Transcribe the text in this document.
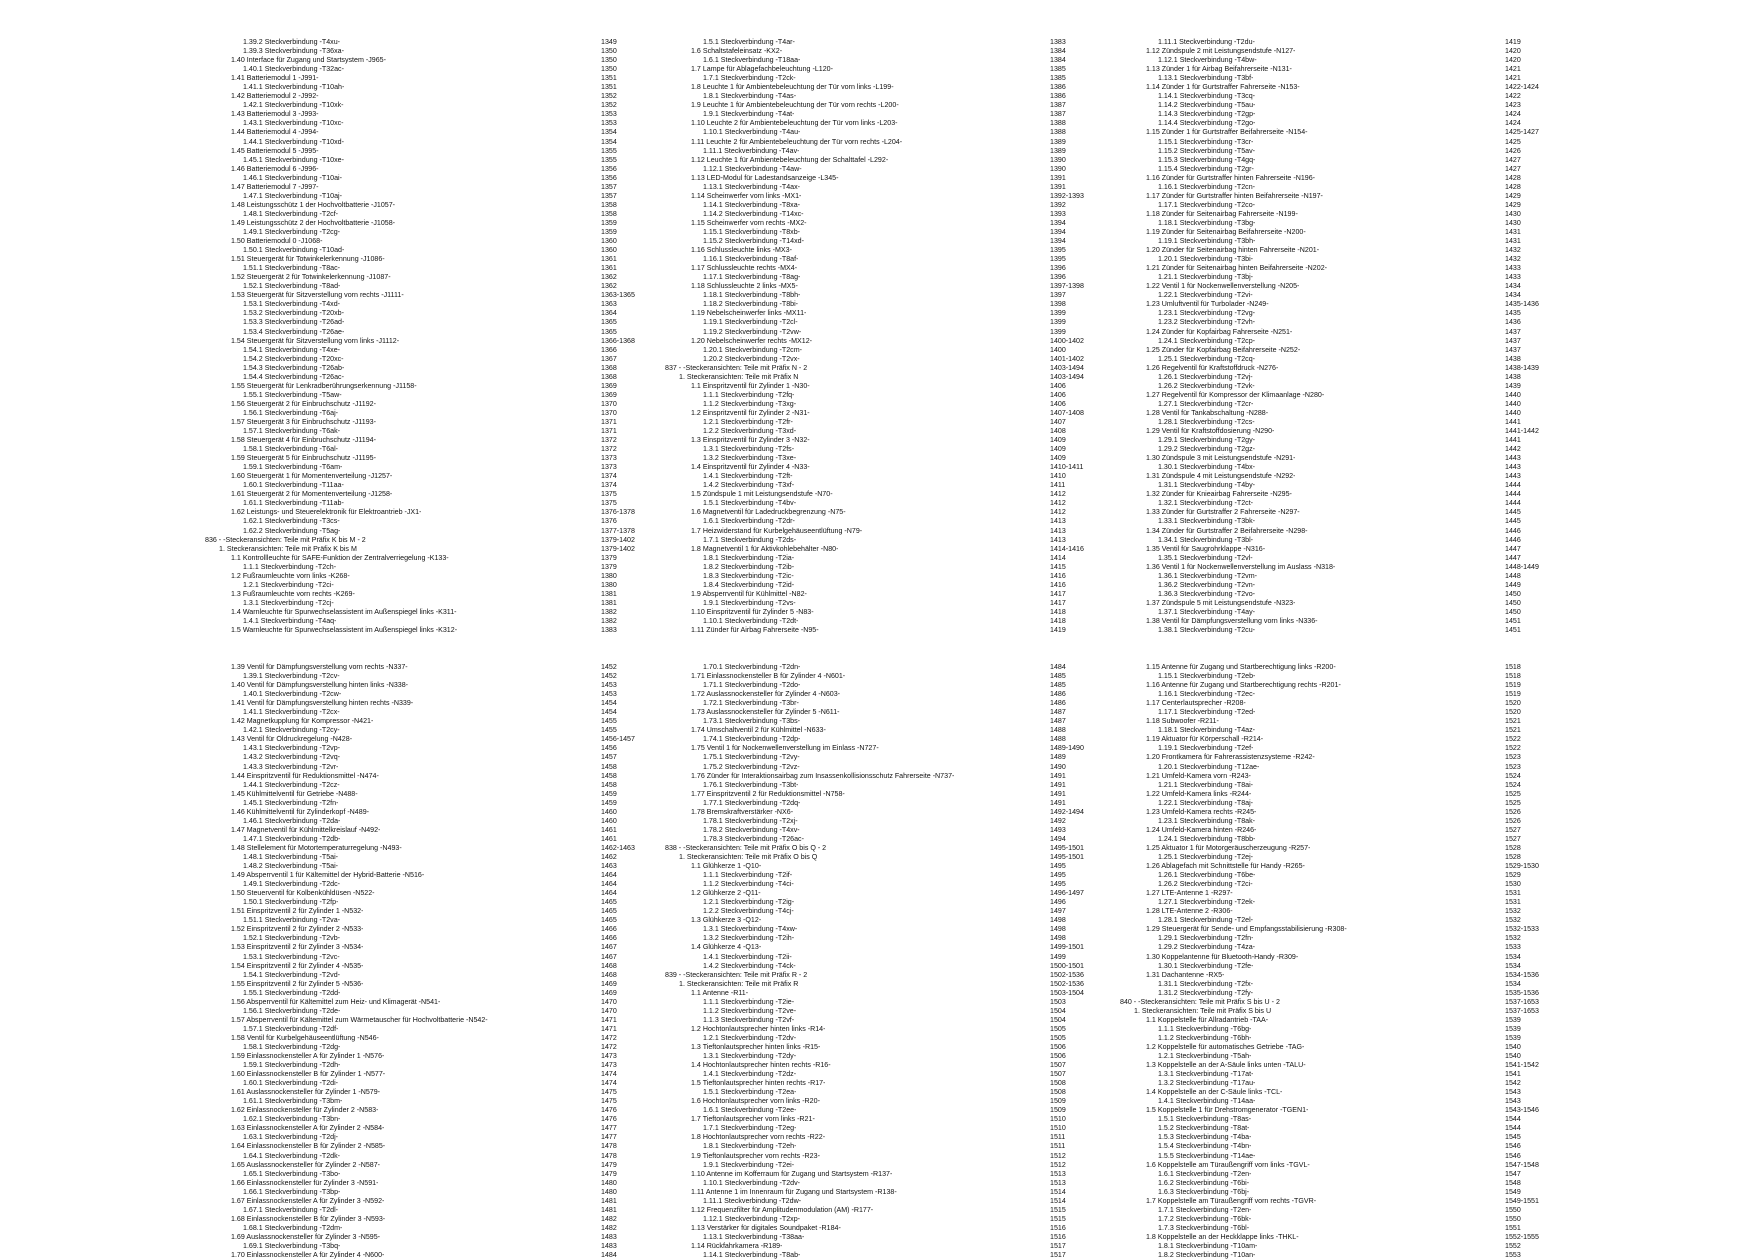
1.39.2 Steckverbindung -T4xu-	1349
1.39.3 Steckverbindung -T36xa-	1350
1.40 Interface für Zugang und Startsystem -J965-	1350
1.40.1 Steckverbindung -T32ac-	1350
1.41 Batteriemodul 1 -J991-	1351
1.41.1 Steckverbindung -T10ah-	1351
1.42 Batteriemodul 2 -J992-	1352
1.42.1 Steckverbindung -T10xk-	1352
1.43 Batteriemodul 3 -J993-	1353
1.43.1 Steckverbindung -T10xc-	1353
1.44 Batteriemodul 4 -J994-	1354
1.44.1 Steckverbindung -T10xd-	1354
1.45 Batteriemodul 5 -J995-	1355
1.45.1 Steckverbindung -T10xe-	1355
1.46 Batteriemodul 6 -J996-	1356
1.46.1 Steckverbindung -T10ai-	1356
1.47 Batteriemodul 7 -J997-	1357
1.47.1 Steckverbindung -T10aj-	1357
1.48 Leistungsschütz 1 der Hochvoltbatterie -J1057-	1358
1.48.1 Steckverbindung -T2cf-	1358
1.49 Leistungsschütz 2 der Hochvoltbatterie -J1058-	1359
1.49.1 Steckverbindung -T2cg-	1359
1.50 Batteriemodul 0 -J1068-	1360
1.50.1 Steckverbindung -T10ad-	1360
1.51 Steuergerät für Totwinkelerkennung -J1086-	1361
1.51.1 Steckverbindung -T8ac-	1361
1.52 Steuergerät 2 für Totwinkelerkennung -J1087-	1362
1.52.1 Steckverbindung -T8ad-	1362
1.53 Steuergerät für Sitzverstellung vorn rechts -J1111-	1363-1365
1.53.1 Steckverbindung -T4xd-	1363
1.53.2 Steckverbindung -T20xb-	1364
1.53.3 Steckverbindung -T26ad-	1365
1.53.4 Steckverbindung -T26ae-	1365
1.54 Steuergerät für Sitzverstellung vorn links -J1112-	1366-1368
1.54.1 Steckverbindung -T4xe-	1366
1.54.2 Steckverbindung -T20xc-	1367
1.54.3 Steckverbindung -T26ab-	1368
1.54.4 Steckverbindung -T26ac-	1368
1.55 Steuergerät für Lenkradberührungserkennung -J1158-	1369
1.55.1 Steckverbindung -T5aw-	1369
1.56 Steuergerät 2 für Einbruchschutz -J1192-	1370
1.56.1 Steckverbindung -T6aj-	1370
1.57 Steuergerät 3 für Einbruchschutz -J1193-	1371
1.57.1 Steckverbindung -T6ak-	1371
1.58 Steuergerät 4 für Einbruchschutz -J1194-	1372
1.58.1 Steckverbindung -T6al-	1372
1.59 Steuergerät 5 für Einbruchschutz -J1195-	1373
1.59.1 Steckverbindung -T6am-	1373
1.60 Steuergerät 1 für Momentenverteilung -J1257-	1374
1.60.1 Steckverbindung -T11aa-	1374
1.61 Steuergerät 2 für Momentenverteilung -J1258-	1375
1.61.1 Steckverbindung -T11ab-	1375
1.62 Leistungs- und Steuerelektronik für Elektroantrieb -JX1-	1376-1378
1.62.1 Steckverbindung -T3cs-	1376
1.62.2 Steckverbindung -T5ag-	1377-1378
836 - -Steckeransichten: Teile mit Präfix K bis M - 2	1379-1402
1. Steckeransichten: Teile mit Präfix K bis M	1379-1402
1.1 Kontrollleuchte für SAFE-Funktion der Zentralverriegelung -K133-	1379
1.1.1 Steckverbindung -T2ch-	1379
1.2 Fußraumleuchte vorn links -K268-	1380
1.2.1 Steckverbindung -T2ci-	1380
1.3 Fußraumleuchte vorn rechts -K269-	1381
1.3.1 Steckverbindung -T2cj-	1381
1.4 Warnleuchte für Spurwechselassistent im Außenspiegel links -K311-	1382
1.4.1 Steckverbindung -T4aq-	1382
1.5 Warnleuchte für Spurwechselassistent im Außenspiegel links -K312-	1383
1.5.1 Steckverbindung -T4ar-	1383
1.6 Schaltstafeleinsatz -KX2-	1384
1.6.1 Steckverbindung -T18aa-	1384
1.7 Lampe für Ablagefachbeleuchtung -L120-	1385
1.7.1 Steckverbindung -T2ck-	1385
1.8 Leuchte 1 für Ambientebeleuchtung der Tür vorn links -L199-	1386
1.8.1 Steckverbindung -T4as-	1386
1.9 Leuchte 1 für Ambientebeleuchtung der Tür vorn rechts -L200-	1387
1.9.1 Steckverbindung -T4at-	1387
1.10 Leuchte 2 für Ambientebeleuchtung der Tür vorn links -L203-	1388
1.10.1 Steckverbindung -T4au-	1388
1.11 Leuchte 2 für Ambientebeleuchtung der Tür vorn rechts -L204-	1389
1.11.1 Steckverbindung -T4av-	1389
1.12 Leuchte 1 für Ambientebeleuchtung der Schalttafel -L292-	1390
1.12.1 Steckverbindung -T4aw-	1390
1.13 LED-Modul für Ladestandsanzeige -L345-	1391
1.13.1 Steckverbindung -T4ax-	1391
1.14 Scheinwerfer vorn links -MX1-	1392-1393
1.14.1 Steckverbindung -T8xa-	1392
1.14.2 Steckverbindung -T14xc-	1393
1.15 Scheinwerfer vorn rechts -MX2-	1394
1.15.1 Steckverbindung -T8xb-	1394
1.15.2 Steckverbindung -T14xd-	1394
1.16 Schlussleuchte links -MX3-	1395
1.16.1 Steckverbindung -T8af-	1395
1.17 Schlussleuchte rechts -MX4-	1396
1.17.1 Steckverbindung -T8ag-	1396
1.18 Schlussleuchte 2 links -MX5-	1397-1398
1.18.1 Steckverbindung -T8bh-	1397
1.18.2 Steckverbindung -T8bi-	1398
1.19 Nebelscheinwerfer links -MX11-	1399
1.19.1 Steckverbindung -T2cl-	1399
1.19.2 Steckverbindung -T2vw-	1399
1.20 Nebelscheinwerfer rechts -MX12-	1400-1402
1.20.1 Steckverbindung -T2cm-	1400
1.20.2 Steckverbindung -T2vx-	1401-1402
837 - -Steckeransichten: Teile mit Präfix N - 2	1403-1494
1. Steckeransichten: Teile mit Präfix N	1403-1494
1.1 Einspritzventil für Zylinder 1 -N30-	1406
1.1.1 Steckverbindung -T2fq-	1406
1.1.2 Steckverbindung -T3xg-	1406
1.2 Einspritzventil für Zylinder 2 -N31-	1407-1408
1.2.1 Steckverbindung -T2fr-	1407
1.2.2 Steckverbindung -T3xd-	1408
1.3 Einspritzventil für Zylinder 3 -N32-	1409
1.3.1 Steckverbindung -T2fs-	1409
1.3.2 Steckverbindung -T3xe-	1409
1.4 Einspritzventil für Zylinder 4 -N33-	1410-1411
1.4.1 Steckverbindung -T2ft-	1410
1.4.2 Steckverbindung -T3xf-	1411
1.5 Zündspule 1 mit Leistungsendstufe -N70-	1412
1.5.1 Steckverbindung -T4bv-	1412
1.6 Magnetventil für Ladedruckbegrenzung -N75-	1412
1.6.1 Steckverbindung -T2dr-	1413
1.7 Heizwiderstand für Kurbelgehäuseentlüftung -N79-	1413
1.7.1 Steckverbindung -T2ds-	1413
1.8 Magnetventil 1 für Aktivkohlebehälter -N80-	1414-1416
1.8.1 Steckverbindung -T2ia-	1414
1.8.2 Steckverbindung -T2ib-	1415
1.8.3 Steckverbindung -T2ic-	1416
1.8.4 Steckverbindung -T2id-	1416
1.9 Absperrventil für Kühlmittel -N82-	1417
1.9.1 Steckverbindung -T2vs-	1417
1.10 Einspritzventil für Zylinder 5 -N83-	1418
1.10.1 Steckverbindung -T2dt-	1418
1.11 Zünder für Airbag Fahrerseite -N95-	1419
1.11.1 Steckverbindung -T2du-	1419
1.12 Zündspule 2 mit Leistungsendstufe -N127-	1420
1.12.1 Steckverbindung -T4bw-	1420
1.13 Zünder 1 für Airbag Beifahrerseite -N131-	1421
1.13.1 Steckverbindung -T3bf-	1421
1.14 Zünder 1 für Gurtstraffer Fahrerseite -N153-	1422-1424
1.14.1 Steckverbindung -T3cq-	1422
1.14.2 Steckverbindung -T5au-	1423
1.14.3 Steckverbindung -T2gp-	1424
1.14.4 Steckverbindung -T2go-	1424
1.15 Zünder 1 für Gurtstraffer Beifahrerseite -N154-	1425-1427
1.15.1 Steckverbindung -T3cr-	1425
1.15.2 Steckverbindung -T5av-	1426
1.15.3 Steckverbindung -T4gq-	1427
1.15.4 Steckverbindung -T2gr-	1427
1.16 Zünder für Gurtstraffer hinten Fahrerseite -N196-	1428
1.16.1 Steckverbindung -T2cn-	1428
1.17 Zünder für Gurtstraffer hinten Beifahrerseite -N197-	1429
1.17.1 Steckverbindung -T2co-	1429
1.18 Zünder für Seitenairbag Fahrerseite -N199-	1430
1.18.1 Steckverbindung -T3bg-	1430
1.19 Zünder für Seitenairbag Beifahrerseite -N200-	1431
1.19.1 Steckverbindung -T3bh-	1431
1.20 Zünder für Seitenairbag hinten Fahrerseite -N201-	1432
1.20.1 Steckverbindung -T3bi-	1432
1.21 Zünder für Seitenairbag hinten Beifahrerseite -N202-	1433
1.21.1 Steckverbindung -T3bj-	1433
1.22 Ventil 1 für Nockenwellenverstellung -N205-	1434
1.22.1 Steckverbindung -T2vi-	1434
1.23 Umluftventil für Turbolader -N249-	1435-1436
1.23.1 Steckverbindung -T2vg-	1435
1.23.2 Steckverbindung -T2vh-	1436
1.24 Zünder für Kopfairbag Fahrerseite -N251-	1437
1.24.1 Steckverbindung -T2cp-	1437
1.25 Zünder für Kopfairbag Beifahrerseite -N252-	1437
1.25.1 Steckverbindung -T2cq-	1438
1.26 Regelventil für Kraftstoffdruck -N276-	1438-1439
1.26.1 Steckverbindung -T2vj-	1438
1.26.2 Steckverbindung -T2vk-	1439
1.27 Regelventil für Kompressor der Klimaanlage -N280-	1440
1.27.1 Steckverbindung -T2cr-	1440
1.28 Ventil für Tankabschaltung -N288-	1440
1.28.1 Steckverbindung -T2cs-	1441
1.29 Ventil für Kraftstoffdosierung -N290-	1441-1442
1.29.1 Steckverbindung -T2gy-	1441
1.29.2 Steckverbindung -T2gz-	1442
1.30 Zündspule 3 mit Leistungsendstufe -N291-	1443
1.30.1 Steckverbindung -T4bx-	1443
1.31 Zündspule 4 mit Leistungsendstufe -N292-	1443
1.31.1 Steckverbindung -T4by-	1444
1.32 Zünder für Knieairbag Fahrerseite -N295-	1444
1.32.1 Steckverbindung -T2ct-	1444
1.33 Zünder für Gurtstraffer 2 Fahrerseite -N297-	1445
1.33.1 Steckverbindung -T3bk-	1445
1.34 Zünder für Gurtstraffer 2 Beifahrerseite -N298-	1446
1.34.1 Steckverbindung -T3bl-	1446
1.35 Ventil für Saugrohrklappe -N316-	1447
1.35.1 Steckverbindung -T2vl-	1447
1.36 Ventil 1 für Nockenwellenverstellung im Auslass -N318-	1448-1449
1.36.1 Steckverbindung -T2vm-	1448
1.36.2 Steckverbindung -T2vn-	1449
1.36.3 Steckverbindung -T2vo-	1450
1.37 Zündspule 5 mit Leistungsendstufe -N323-	1450
1.37.1 Steckverbindung -T4ay-	1450
1.38 Ventil für Dämpfungsverstellung vorn links -N336-	1451
1.38.1 Steckverbindung -T2cu-	1451
1.39 Ventil für Dämpfungsverstellung vorn rechts -N337-	1452
1.39.1 Steckverbindung -T2cv-	1452
1.40 Ventil für Dämpfungsverstellung hinten links -N338-	1453
1.40.1 Steckverbindung -T2cw-	1453
1.41 Ventil für Dämpfungsverstellung hinten rechts -N339-	1454
1.41.1 Steckverbindung -T2cx-	1454
1.42 Magnetkupplung für Kompressor -N421-	1455
1.42.1 Steckverbindung -T2cy-	1455
1.43 Ventil für Öldruckregelung -N428-	1456-1457
1.43.1 Steckverbindung -T2vp-	1456
1.43.2 Steckverbindung -T2vq-	1457
1.43.3 Steckverbindung -T2vr-	1458
1.44 Einspritzventil für Reduktionsmittel -N474-	1458
1.44.1 Steckverbindung -T2cz-	1458
1.45 Kühlmittelventil für Getriebe -N488-	1459
1.45.1 Steckverbindung -T2fn-	1459
1.46 Kühlmittelventil für Zylinderkopf -N489-	1460
1.46.1 Steckverbindung -T2da-	1460
1.47 Magnetventil für Kühlmittelkreislauf -N492-	1461
1.47.1 Steckverbindung -T2db-	1461
1.48 Stellelement für Motortemperaturregelung -N493-	1462-1463
1.48.1 Steckverbindung -T5ai-	1462
1.48.2 Steckverbindung -T5ai-	1463
1.49 Absperrventil 1 für Kältemittel der Hybrid-Batterie -N516-	1464
1.49.1 Steckverbindung -T2dc-	1464
1.50 Steuerventil für Kolbenkühldüsen -N522-	1464
1.50.1 Steckverbindung -T2fp-	1465
1.51 Einspritzventil 2 für Zylinder 1 -N532-	1465
1.51.1 Steckverbindung -T2va-	1465
1.52 Einspritzventil 2 für Zylinder 2 -N533-	1466
1.52.1 Steckverbindung -T2vb-	1466
1.53 Einspritzventil 2 für Zylinder 3 -N534-	1467
1.53.1 Steckverbindung -T2vc-	1467
1.54 Einspritzventil 2 für Zylinder 4 -N535-	1468
1.54.1 Steckverbindung -T2vd-	1468
1.55 Einspritzventil 2 für Zylinder 5 -N536-	1469
1.55.1 Steckverbindung -T2dd-	1469
1.56 Absperrventil für Kältemittel zum Heiz- und Klimagerät -N541-	1470
1.56.1 Steckverbindung -T2de-	1470
1.57 Absperrventil für Kältemittel zum Wärmetauscher für Hochvoltbatterie -N542-	1471
1.57.1 Steckverbindung -T2df-	1471
1.58 Ventil für Kurbelgehäuseentlüftung -N546-	1472
1.58.1 Steckverbindung -T2dg-	1472
1.59 Einlassnockensteller A für Zylinder 1 -N576-	1473
1.59.1 Steckverbindung -T2dh-	1473
1.60 Einlassnockensteller B für Zylinder 1 -N577-	1474
1.60.1 Steckverbindung -T2di-	1474
1.61 Auslassnockensteller für Zylinder 1 -N579-	1475
1.61.1 Steckverbindung -T3bm-	1475
1.62 Einlassnockensteller für Zylinder 2 -N583-	1476
1.62.1 Steckverbindung -T3bn-	1476
1.63 Einlassnockensteller A für Zylinder 2 -N584-	1477
1.63.1 Steckverbindung -T2dj-	1477
1.64 Einlassnockensteller B für Zylinder 2 -N585-	1478
1.64.1 Steckverbindung -T2dk-	1478
1.65 Auslassnockensteller für Zylinder 2 -N587-	1479
1.65.1 Steckverbindung -T3bo-	1479
1.66 Einlassnockensteller für Zylinder 3 -N591-	1480
1.66.1 Steckverbindung -T3bp-	1480
1.67 Einlassnockensteller A für Zylinder 3 -N592-	1481
1.67.1 Steckverbindung -T2dl-	1481
1.68 Einlassnockensteller B für Zylinder 3 -N593-	1482
1.68.1 Steckverbindung -T2dm-	1482
1.69 Auslassnockensteller für Zylinder 3 -N595-	1483
1.69.1 Steckverbindung -T3bq-	1483
1.70 Einlassnockensteller A für Zylinder 4 -N600-	1484
1.70.1 Steckverbindung -T2dn-	1484
1.71 Einlassnockensteller B für Zylinder 4 -N601-	1485
1.71.1 Steckverbindung -T2do-	1485
1.72 Auslassnockensteller für Zylinder 4 -N603-	1486
1.72.1 Steckverbindung -T3br-	1486
1.73 Auslassnockensteller für Zylinder 5 -N611-	1487
1.73.1 Steckverbindung -T3bs-	1487
1.74 Umschaltventil 2 für Kühlmittel -N633-	1488
1.74.1 Steckverbindung -T2dp-	1488
1.75 Ventil 1 für Nockenwellenverstellung im Einlass -N727-	1489-1490
1.75.1 Steckverbindung -T2vy-	1489
1.75.2 Steckverbindung -T2vz-	1490
1.76 Zünder für Interaktionsairbag zum Insassenkollisionsschutz Fahrerseite -N737-	1491
1.76.1 Steckverbindung -T3bt-	1491
1.77 Einspritzventil 2 für Reduktionsmittel -N758-	1491
1.77.1 Steckverbindung -T2dq-	1491
1.78 Bremskraftverstärker -NX6-	1492-1494
1.78.1 Steckverbindung -T2xj-	1492
1.78.2 Steckverbindung -T4xv-	1493
1.78.3 Steckverbindung -T26ac-	1494
838 - -Steckeransichten: Teile mit Präfix O bis Q - 2	1495-1501
1. Steckeransichten: Teile mit Präfix O bis Q	1495-1501
1.1 Glühkerze 1 -Q10-	1495
1.1.1 Steckverbindung -T2if-	1495
1.1.2 Steckverbindung -T4ci-	1495
1.2 Glühkerze 2 -Q11-	1496-1497
1.2.1 Steckverbindung -T2ig-	1496
1.2.2 Steckverbindung -T4cj-	1497
1.3 Glühkerze 3 -Q12-	1498
1.3.1 Steckverbindung -T4xw-	1498
1.3.2 Steckverbindung -T2ih-	1498
1.4 Glühkerze 4 -Q13-	1499-1501
1.4.1 Steckverbindung -T2ii-	1499
1.4.2 Steckverbindung -T4ck-	1500-1501
839 - -Steckeransichten: Teile mit Präfix R - 2	1502-1536
1. Steckeransichten: Teile mit Präfix R	1502-1536
1.1 Antenne -R11-	1503-1504
1.1.1 Steckverbindung -T2ie-	1503
1.1.2 Steckverbindung -T2ve-	1504
1.1.3 Steckverbindung -T2vf-	1504
1.2 Hochtonlautsprecher hinten links -R14-	1505
1.2.1 Steckverbindung -T2dv-	1505
1.3 Tieftonlautsprecher hinten links -R15-	1506
1.3.1 Steckverbindung -T2dy-	1506
1.4 Hochtonlautsprecher hinten rechts -R16-	1507
1.4.1 Steckverbindung -T2dz-	1507
1.5 Tieftonlautsprecher hinten rechts -R17-	1508
1.5.1 Steckverbindung -T2ea-	1508
1.6 Hochtonlautsprecher vorn links -R20-	1509
1.6.1 Steckverbindung -T2ee-	1509
1.7 Tieftonlautsprecher vorn links -R21-	1510
1.7.1 Steckverbindung -T2eg-	1510
1.8 Hochtonlautsprecher vorn rechts -R22-	1511
1.8.1 Steckverbindung -T2eh-	1511
1.9 Tieftonlautsprecher vorn rechts -R23-	1512
1.9.1 Steckverbindung -T2ei-	1512
1.10 Antenne im Kofferraum für Zugang und Startsystem -R137-	1513
1.10.1 Steckverbindung -T2dv-	1513
1.11 Antenne 1 im Innenraum für Zugang und Startsystem -R138-	1514
1.11.1 Steckverbindung -T2dw-	1514
1.12 Frequenzfilter für Amplitudenmodulation (AM) -R177-	1515
1.12.1 Steckverbindung -T2xp-	1515
1.13 Verstärker für digitales Soundpaket -R184-	1516
1.13.1 Steckverbindung -T38aa-	1516
1.14 Rückfahrkamera -R189-	1517
1.14.1 Steckverbindung -T8ab-	1517
1.15 Antenne für Zugang und Startberechtigung links -R200-	1518
1.15.1 Steckverbindung -T2eb-	1518
1.16 Antenne für Zugang und Startberechtigung rechts -R201-	1519
1.16.1 Steckverbindung -T2ec-	1519
1.17 Centerlautsprecher -R208-	1520
1.17.1 Steckverbindung -T2ed-	1520
1.18 Subwoofer -R211-	1521
1.18.1 Steckverbindung -T4az-	1521
1.19 Aktuator für Körperschall -R214-	1522
1.19.1 Steckverbindung -T2ef-	1522
1.20 Frontkamera für Fahrerassistenzsysteme -R242-	1523
1.20.1 Steckverbindung -T12ae-	1523
1.21 Umfeld-Kamera vorn -R243-	1524
1.21.1 Steckverbindung -T8ai-	1524
1.22 Umfeld-Kamera links -R244-	1525
1.22.1 Steckverbindung -T8aj-	1525
1.23 Umfeld-Kamera rechts -R245-	1526
1.23.1 Steckverbindung -T8ak-	1526
1.24 Umfeld-Kamera hinten -R246-	1527
1.24.1 Steckverbindung -T8bb-	1527
1.25 Aktuator 1 für Motorgeräuscherzeugung -R257-	1528
1.25.1 Steckverbindung -T2ej-	1528
1.26 Ablagefach mit Schnittstelle für Handy -R265-	1529-1530
1.26.1 Steckverbindung -T6be-	1529
1.26.2 Steckverbindung -T2ci-	1530
1.27 LTE-Antenne 1 -R297-	1531
1.27.1 Steckverbindung -T2ek-	1531
1.28 LTE-Antenne 2 -R306-	1532
1.28.1 Steckverbindung -T2el-	1532
1.29 Steuergerät für Sende- und Empfangsstabilisierung -R308-	1532-1533
1.29.1 Steckverbindung -T2fn-	1532
1.29.2 Steckverbindung -T4za-	1533
1.30 Koppelantenne für Bluetooth-Handy -R309-	1534
1.30.1 Steckverbindung -T2fe-	1534
1.31 Dachantenne -RX5-	1534-1536
1.31.1 Steckverbindung -T2fx-	1534
1.31.2 Steckverbindung -T2fy-	1535-1536
840 - -Steckeransichten: Teile mit Präfix S bis U - 2	1537-1653
1. Steckeransichten: Teile mit Präfix S bis U	1537-1653
1.1 Koppelstelle für Allradantrieb -TAA-	1539
1.1.1 Steckverbindung -T6bg-	1539
1.1.2 Steckverbindung -T6bh-	1539
1.2 Koppelstelle für automatisches Getriebe -TAG-	1540
1.2.1 Steckverbindung -T5ah-	1540
1.3 Koppelstelle an der A-Säule links unten -TALU-	1541-1542
1.3.1 Steckverbindung -T17at-	1541
1.3.2 Steckverbindung -T17au-	1542
1.4 Koppelstelle an der C-Säule links -TCL-	1543
1.4.1 Steckverbindung -T14aa-	1543
1.5 Koppelstelle 1 für Drehstromgenerator -TGEN1-	1543-1546
1.5.1 Steckverbindung -T8as-	1544
1.5.2 Steckverbindung -T8at-	1544
1.5.3 Steckverbindung -T4ba-	1545
1.5.4 Steckverbindung -T4bn-	1546
1.5.5 Steckverbindung -T14ae-	1546
1.6 Koppelstelle am Türaußengriff vorn links -TGVL-	1547-1548
1.6.1 Steckverbindung -T2en-	1547
1.6.2 Steckverbindung -T6bi-	1548
1.6.3 Steckverbindung -T6bj-	1549
1.7 Koppelstelle am Türaußengriff vorn rechts -TGVR-	1549-1551
1.7.1 Steckverbindung -T2en-	1550
1.7.2 Steckverbindung -T6bk-	1550
1.7.3 Steckverbindung -T6bl-	1551
1.8 Koppelstelle an der Heckklappe links -THKL-	1552-1555
1.8.1 Steckverbindung -T10am-	1552
1.8.2 Steckverbindung -T10an-	1553
